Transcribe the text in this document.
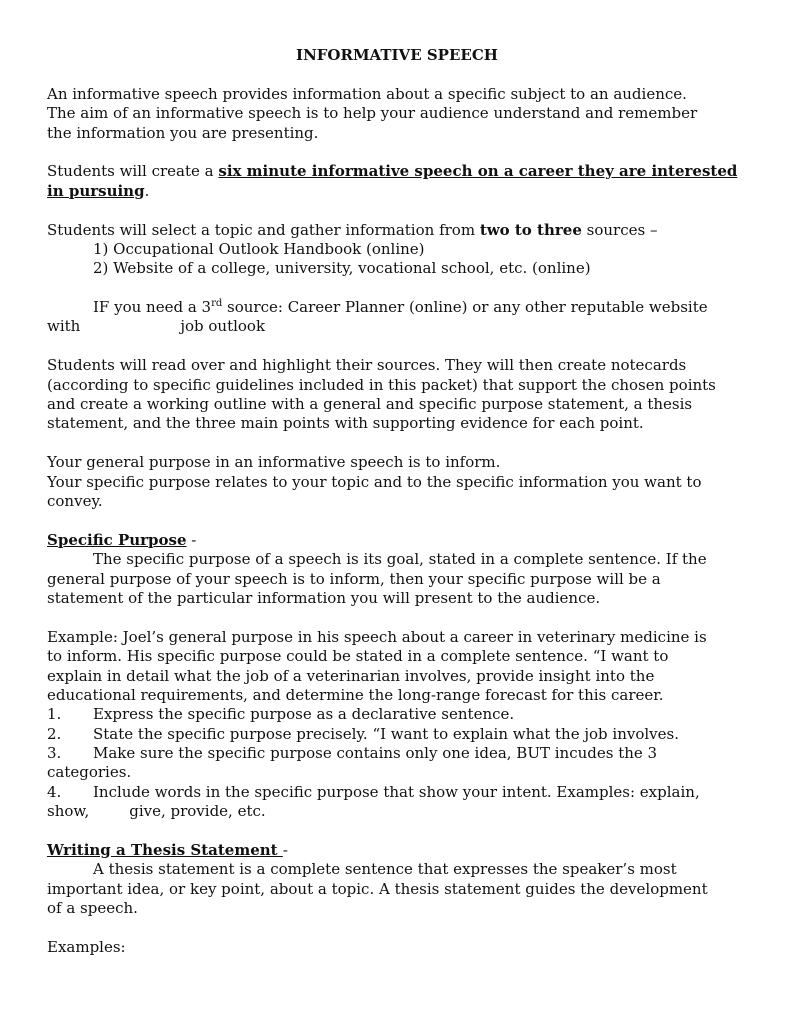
INFORMATIVE SPEECH
An informative speech provides information about a specific subject to an audience.
The aim of an informative speech is to help your audience understand and remember
the information you are presenting.
Students will create a six minute informative speech on a career they are interested
in pursuing.
Students will select a topic and gather information from two to three sources –
1) Occupational Outlook Handbook (online)
2) Website of a college, university, vocational school, etc. (online)
IF you need a 3rd source: Career Planner (online) or any other reputable website
with	job outlook
Students will read over and highlight their sources. They will then create notecards
(according to specific guidelines included in this packet) that support the chosen points
and create a working outline with a general and specific purpose statement, a thesis
statement, and the three main points with supporting evidence for each point.
Your general purpose in an informative speech is to inform.
Your specific purpose relates to your topic and to the specific information you want to
convey.
Specific Purpose -
The specific purpose of a speech is its goal, stated in a complete sentence. If the
general purpose of your speech is to inform, then your specific purpose will be a
statement of the particular information you will present to the audience.
Example: Joel’s general purpose in his speech about a career in veterinary medicine is
to inform. His specific purpose could be stated in a complete sentence. “I want to
explain in detail what the job of a veterinarian involves, provide insight into the
educational requirements, and determine the long-range forecast for this career.
1. Express the specific purpose as a declarative sentence.
2. State the specific purpose precisely. “I want to explain what the job involves.
3. Make sure the specific purpose contains only one idea, BUT incudes the 3
categories.
4. Include words in the specific purpose that show your intent. Examples: explain,
show,	give, provide, etc.
Writing a Thesis Statement -
A thesis statement is a complete sentence that expresses the speaker’s most
important idea, or key point, about a topic. A thesis statement guides the development
of a speech.
Examples:
